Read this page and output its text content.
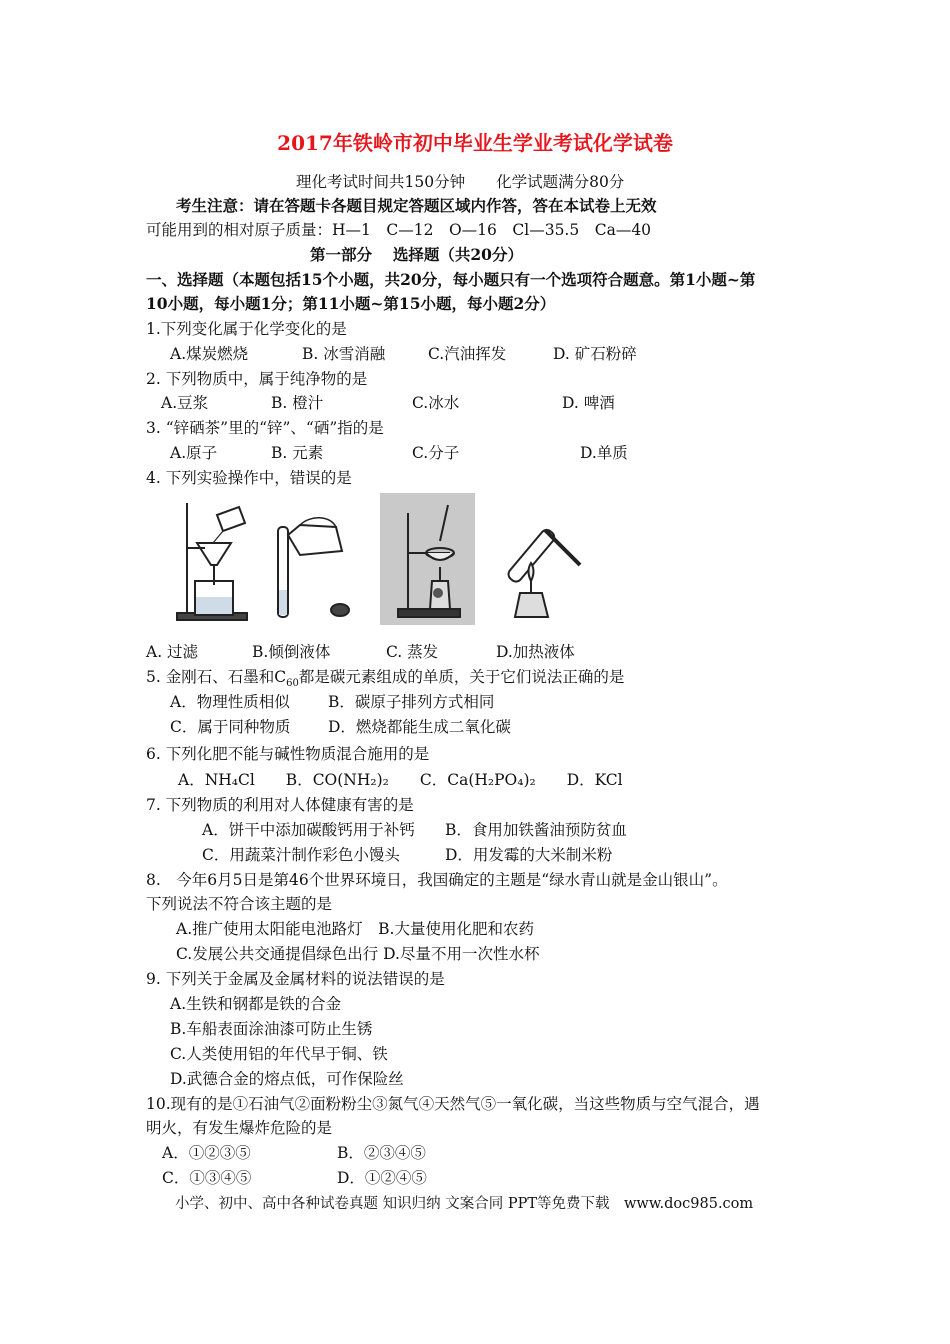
2017年铁岭市初中毕业生学业考试化学试卷
理化考试时间共150分钟　　化学试题满分80分
考生注意：请在答题卡各题目规定答题区域内作答，答在本试卷上无效
可能用到的相对原子质量：H—1　C—12　O—16　Cl—35.5　Ca—40
第一部分　 选择题（共20分）
一、选择题（本题包括15个小题，共20分，每小题只有一个选项符合题意。第1小题~第
10小题，每小题1分；第11小题~第15小题，每小题2分）
1.下列变化属于化学变化的是
A.煤炭燃烧	B. 冰雪消融	C.汽油挥发	D. 矿石粉碎
2. 下列物质中，属于纯净物的是
A.豆浆	B. 橙汁	C.冰水	D. 啤酒
3. “锌硒茶”里的“锌”、“硒”指的是
A.原子	B. 元素	C.分子	D.单质
4. 下列实验操作中，错误的是
A. 过滤	B.倾倒液体	C. 蒸发	D.加热液体
5. 金刚石、石墨和$C_{60}$都是碳元素组成的单质，关于它们说法正确的是
A．物理性质相似 B．碳原子排列方式相同
C．属于同种物质 D．燃烧都能生成二氧化碳
6. 下列化肥不能与碱性物质混合施用的是
A．NH₄Cl　　B．CO(NH₂)₂　　C．Ca(H₂PO₄)₂　　D．KCl
7. 下列物质的利用对人体健康有害的是
A．饼干中添加碳酸钙用于补钙 B．食用加铁酱油预防贫血
C．用蔬菜汁制作彩色小馒头	D．用发霉的大米制米粉
8.　今年6月5日是第46个世界环境日，我国确定的主题是“绿水青山就是金山银山”。
下列说法不符合该主题的是
A.推广使用太阳能电池路灯　B.大量使用化肥和农药
C.发展公共交通提倡绿色出行 D.尽量不用一次性水杯
9. 下列关于金属及金属材料的说法错误的是
A.生铁和钢都是铁的合金
B.车船表面涂油漆可防止生锈
C.人类使用铝的年代早于铜、铁
D.武德合金的熔点低，可作保险丝
10.现有的是①石油气②面粉粉尘③氮气④天然气⑤一氧化碳，当这些物质与空气混合，遇
明火，有发生爆炸危险的是
A．①②③⑤	B．②③④⑤
C．①③④⑤	D．①②④⑤
小学、初中、高中各种试卷真题 知识归纳 文案合同 PPT等免费下载　www.doc985.com
